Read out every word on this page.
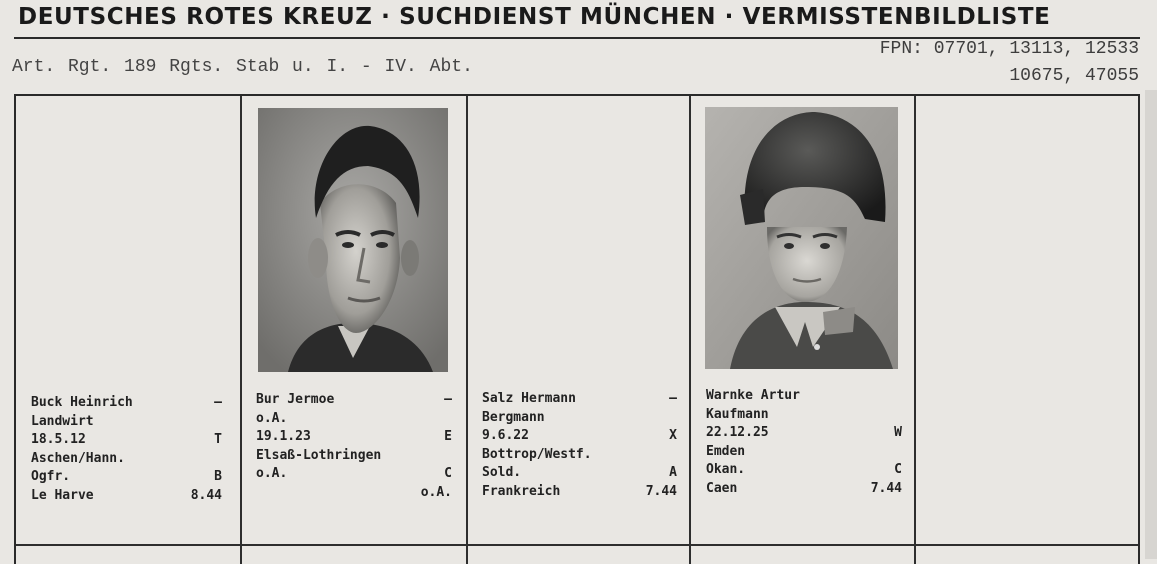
DEUTSCHES ROTES KREUZ · SUCHDIENST MÜNCHEN · VERMISSTENBILDLISTE
Art. Rgt. 189 Rgts. Stab u. I. - IV. Abt.
FPN: 07701, 13113, 12533
10675, 47055
Buck Heinrich	–
Landwirt
18.5.12	T
Aschen/Hann.
Ogfr.	B
Le Harve	8.44
Bur Jermoe	–
o.A.
19.1.23	E
Elsaß-Lothringen
o.A.	C
o.A.
Salz Hermann	–
Bergmann
9.6.22	X
Bottrop/Westf.
Sold.	A
Frankreich	7.44
Warnke Artur
Kaufmann
22.12.25	W
Emden
Okan.	C
Caen	7.44
